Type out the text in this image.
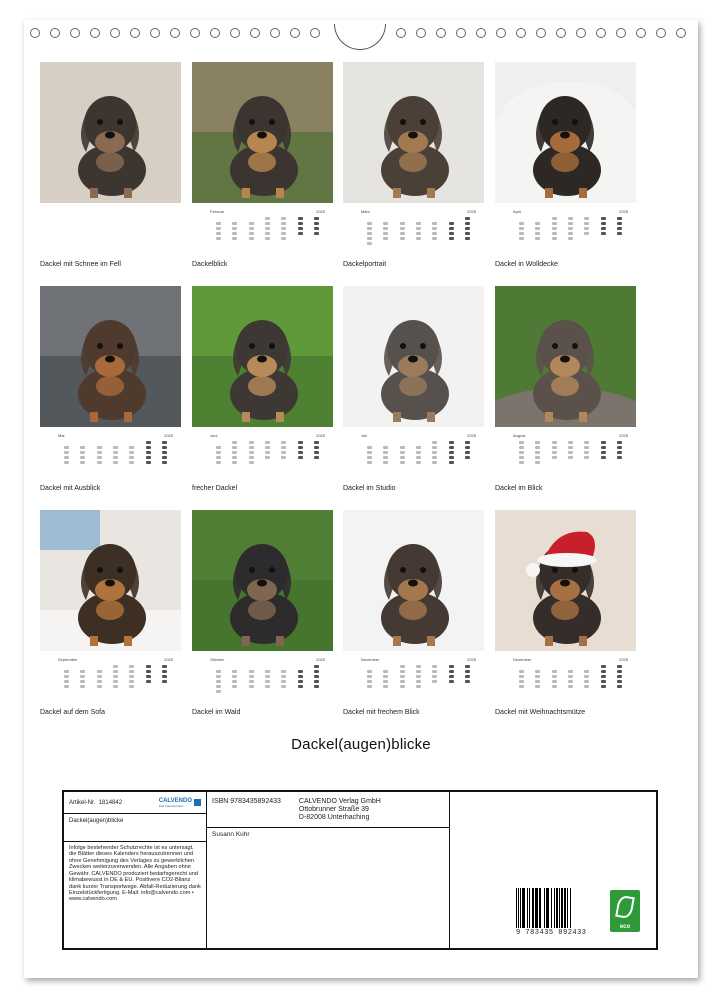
Dackel mit Schnee im Fell
Februar	2025
Dackelblick
März	2025
Dackelportrait
April	2025
Dackel in Wolldecke
Mai	2025
Dackel mit Ausblick
Juni	2025
frecher Dackel
Juli	2025
Dackel im Studio
August	2025
Dackel im Blick
September	2025
Dackel auf dem Sofa
Oktober	2025
Dackel im Wald
November	2025
Dackel mit frechem Blick
Dezember	2025
Dackel mit Weihnachtsmütze
Dackel(augen)blicke
Artikel-Nr. 1814842	CALVENDO
Das Kalenderhaus
Dackel(augen)blicke
Infolge bestehender Schutzrechte ist es untersagt, die Blätter dieses Kalenders herauszutrennen und ohne Genehmigung des Verlages zu gewerblichen Zwecken weiterzuverwenden. Alle Angaben ohne Gewähr. CALVENDO produziert bedarfsgerecht und klimabewusst in DE & EU. Positivere CO2-Bilanz dank kurzer Transportwege. Abfall-Reduzierung dank Einzelstückfertigung. E-Mail: info@calvendo.com • www.calvendo.com
ISBN 9783435892433	CALVENDO Verlag GmbH
Ottobrunner Straße 39
D-82008 Unterhaching
Susann Kuhr
9 783435 892433
eco
